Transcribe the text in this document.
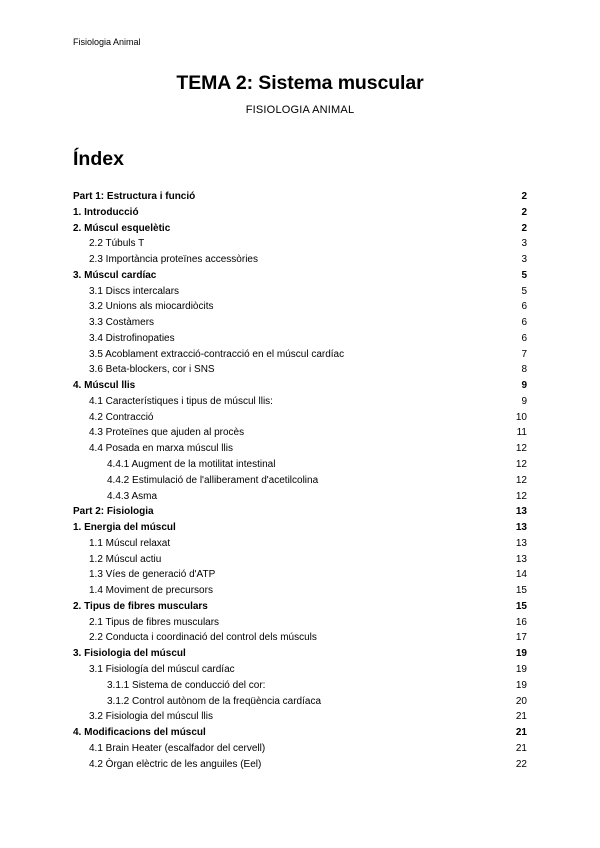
Fisiologia Animal
TEMA 2: Sistema muscular
FISIOLOGIA ANIMAL
Índex
Part 1: Estructura i funció	2
1. Introducció	2
2. Múscul esquelètic	2
2.2 Túbuls T	3
2.3 Importància proteïnes accessòries	3
3. Múscul cardíac	5
3.1 Discs intercalars	5
3.2 Unions als miocardiòcits	6
3.3 Costàmers	6
3.4 Distrofinopaties	6
3.5 Acoblament extracció-contracció en el múscul cardíac	7
3.6 Beta-blockers, cor i SNS	8
4. Múscul llis	9
4.1 Característiques i tipus de múscul llis:	9
4.2 Contracció	10
4.3 Proteïnes que ajuden al procès	11
4.4 Posada en marxa múscul llis	12
4.4.1 Augment de la motilitat intestinal	12
4.4.2 Estimulació de l'alliberament d'acetilcolina	12
4.4.3 Asma	12
Part 2: Fisiologia	13
1. Energia del múscul	13
1.1 Múscul relaxat	13
1.2 Múscul actiu	13
1.3 Víes de generació d'ATP	14
1.4 Moviment de precursors	15
2. Tipus de fibres musculars	15
2.1 Tipus de fibres musculars	16
2.2 Conducta i coordinació del control dels músculs	17
3. Fisiologia del múscul	19
3.1 Fisiología del múscul cardíac	19
3.1.1 Sistema de conducció del cor:	19
3.1.2 Control autònom de la freqüència cardíaca	20
3.2 Fisiologia del múscul llis	21
4. Modificacions del múscul	21
4.1 Brain Heater (escalfador del cervell)	21
4.2 Òrgan elèctric de les anguiles (Eel)	22
